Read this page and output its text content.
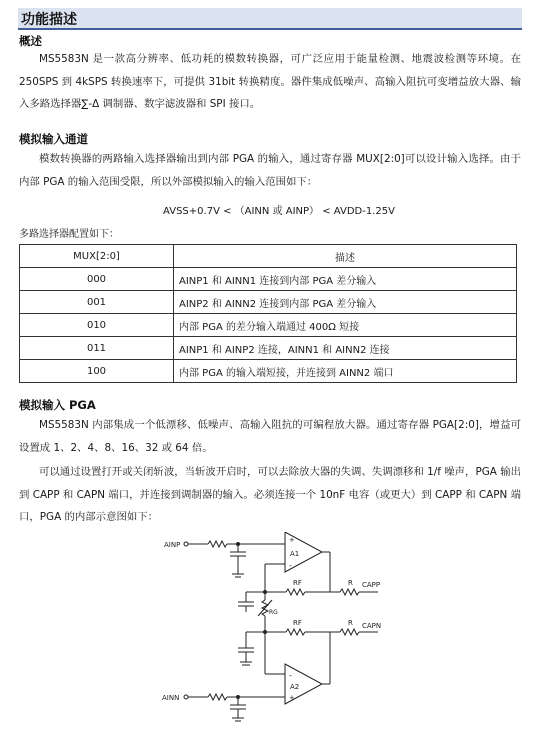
功能描述
概述
MS5583N 是一款高分辨率、低功耗的模数转换器，可广泛应用于能量检测、地震波检测等环境。在 250SPS 到 4kSPS 转换速率下，可提供 31bit 转换精度。器件集成低噪声、高输入阻抗可变增益放大器、输入多路选择器∑-Δ 调制器、数字滤波器和 SPI 接口。
模拟输入通道
模数转换器的两路输入选择器输出到内部 PGA 的输入，通过寄存器 MUX[2:0]可以设计输入选择。由于内部 PGA 的输入范围受限，所以外部模拟输入的输入范围如下：
AVSS+0.7V < （AINN 或 AINP） < AVDD-1.25V
多路选择器配置如下：
MUX[2:0]	描述
000	AINP1 和 AINN1 连接到内部 PGA 差分输入
001	AINP2 和 AINN2 连接到内部 PGA 差分输入
010	内部 PGA 的差分输入端通过 400Ω 短接
011	AINP1 和 AINP2 连接，AINN1 和 AINN2 连接
100	内部 PGA 的输入端短接，并连接到 AINN2 端口
模拟输入 PGA
MS5583N 内部集成一个低漂移、低噪声、高输入阻抗的可编程放大器。通过寄存器 PGA[2:0]，增益可设置成 1、2、4、8、16、32 或 64 倍。
可以通过设置打开或关闭斩波，当斩波开启时，可以去除放大器的失调、失调漂移和 1/f 噪声，PGA 输出到 CAPP 和 CAPN 端口，并连接到调制器的输入。必须连接一个 10nF 电容（或更大）到 CAPP 和 CAPN 端口，PGA 的内部示意图如下：
AINP
+
-
A1
RF	R CAPP
RG
RF	R CAPN
-
+
A2
AINN
